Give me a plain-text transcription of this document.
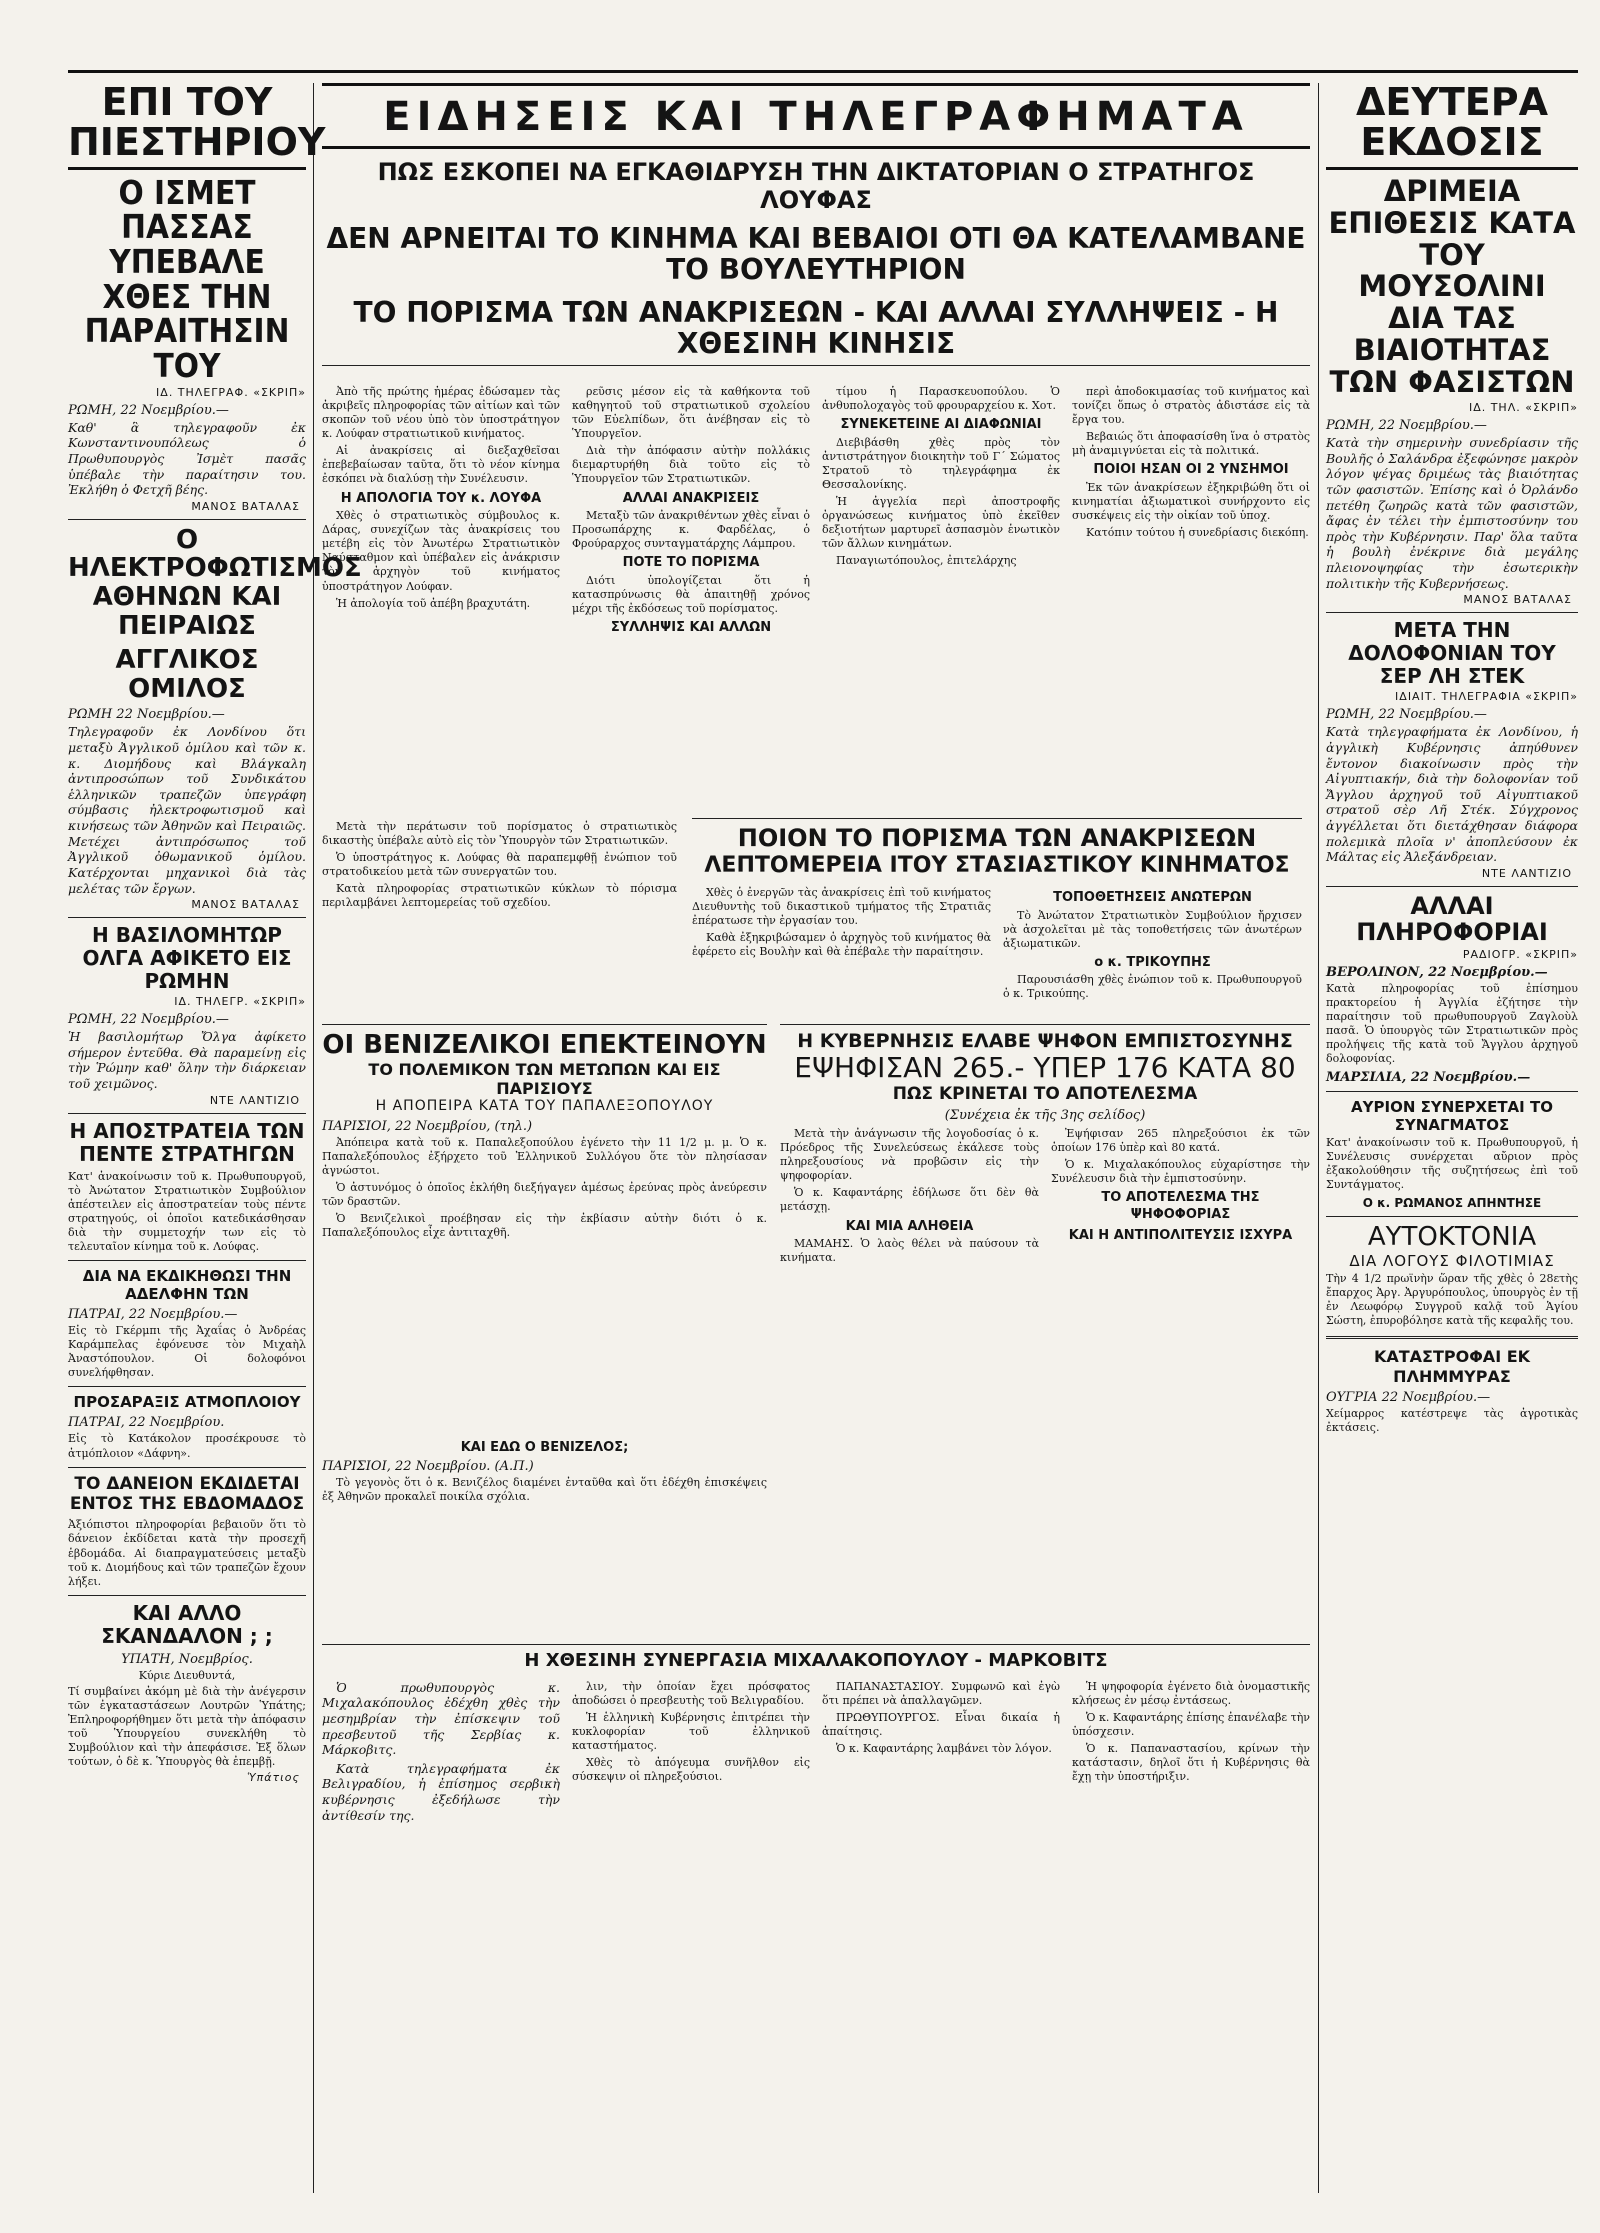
ΕΠΙ ΤΟΥ ΠΙΕΣΤΗΡΙΟΥ
Ο ΙΣΜΕΤ ΠΑΣΣΑΣ ΥΠΕΒΑΛΕ ΧΘΕΣ ΤΗΝ ΠΑΡΑΙΤΗΣΙΝ ΤΟΥ
ΙΔ. ΤΗΛΕΓΡΑΦ. «ΣΚΡΙΠ»
ΡΩΜΗ, 22 Νοεμβρίου.—
Καθ' ἃ τηλεγραφοῦν ἐκ Κωνσταντινουπόλεως ὁ Πρωθυπουργὸς Ἰσμὲτ πασᾶς ὑπέβαλε τὴν παραίτησιν του. Ἐκλήθη ὁ Φετχῆ βέης.
ΜΑΝΟΣ ΒΑΤΑΛΑΣ
Ο ΗΛΕΚΤΡΟΦΩΤΙΣΜΟΣ ΑΘΗΝΩΝ ΚΑΙ ΠΕΙΡΑΙΩΣ
ΑΓΓΛΙΚΟΣ ΟΜΙΛΟΣ
ΡΩΜΗ 22 Νοεμβρίου.—
Τηλεγραφοῦν ἐκ Λονδίνου ὅτι μεταξὺ Ἀγγλικοῦ ὁμίλου καὶ τῶν κ. κ. Διομήδους καὶ Βλάγκαλη ἀντιπροσώπων τοῦ Συνδικάτου ἑλληνικῶν τραπεζῶν ὑπεγράφη σύμβασις ἠλεκτροφωτισμοῦ καὶ κινήσεως τῶν Ἀθηνῶν καὶ Πειραιῶς. Μετέχει ἀντιπρόσωπος τοῦ Ἀγγλικοῦ ὀθωμανικοῦ ὁμίλου. Κατέρχονται μηχανικοὶ διὰ τὰς μελέτας τῶν ἔργων.
ΜΑΝΟΣ ΒΑΤΑΛΑΣ
Η ΒΑΣΙΛΟΜΗΤΩΡ ΟΛΓΑ ΑΦΙΚΕΤΟ ΕΙΣ ΡΩΜΗΝ
ΙΔ. ΤΗΛΕΓΡ. «ΣΚΡΙΠ»
ΡΩΜΗ, 22 Νοεμβρίου.—
Ἡ βασιλομήτωρ Ὄλγα ἀφίκετο σήμερον ἐντεῦθα. Θὰ παραμείνῃ εἰς τὴν Ῥώμην καθ' ὅλην τὴν διάρκειαν τοῦ χειμῶνος.
ΝΤΕ ΛΑΝΤΙΖΙΟ
Η ΑΠΟΣΤΡΑΤΕΙΑ ΤΩΝ ΠΕΝΤΕ ΣΤΡΑΤΗΓΩΝ
Κατ' ἀνακοίνωσιν τοῦ κ. Πρωθυπουργοῦ, τὸ Ἀνώτατον Στρατιωτικὸν Συμβούλιον ἀπέστειλεν εἰς ἀποστρατείαν τοὺς πέντε στρατηγούς, οἱ ὁποῖοι κατεδικάσθησαν διὰ τὴν συμμετοχήν των εἰς τὸ τελευταῖον κίνημα τοῦ κ. Λούφας.
ΔΙΑ ΝΑ ΕΚΔΙΚΗΘΩΣΙ ΤΗΝ ΑΔΕΛΦΗΝ ΤΩΝ
ΠΑΤΡΑΙ, 22 Νοεμβρίου.—
Εἰς τὸ Γκέρμπι τῆς Ἀχαΐας ὁ Ἀνδρέας Καράμπελας ἐφόνευσε τὸν Μιχαὴλ Ἀναστόπουλον. Οἱ δολοφόνοι συνελήφθησαν.
ΠΡΟΣΑΡΑΞΙΣ ΑΤΜΟΠΛΟΙΟΥ
ΠΑΤΡΑΙ, 22 Νοεμβρίου.
Εἰς τὸ Κατάκολον προσέκρουσε τὸ ἀτμόπλοιον «Δάφνη».
ΤΟ ΔΑΝΕΙΟΝ ΕΚΔΙΔΕΤΑΙ ΕΝΤΟΣ ΤΗΣ ΕΒΔΟΜΑΔΟΣ
Ἀξιόπιστοι πληροφορίαι βεβαιοῦν ὅτι τὸ δάνειον ἐκδίδεται κατὰ τὴν προσεχῆ ἑβδομάδα. Αἱ διαπραγματεύσεις μεταξὺ τοῦ κ. Διομήδους καὶ τῶν τραπεζῶν ἔχουν λήξει.
ΚΑΙ ΑΛΛΟ ΣΚΑΝΔΑΛΟΝ ; ;
ΥΠΑΤΗ, Νοεμβρίος.
Κύριε Διευθυντά,
Τί συμβαίνει ἀκόμη μὲ διὰ τὴν ἀνέγερσιν τῶν ἐγκαταστάσεων Λουτρῶν Ὑπάτης; Ἐπληροφορήθημεν ὅτι μετὰ τὴν ἀπόφασιν τοῦ Ὑπουργείου συνεκλήθη τὸ Συμβούλιον καὶ τὴν ἀπεφάσισε. Ἐξ ὅλων τούτων, ὁ δὲ κ. Ὑπουργὸς θὰ ἐπεμβῇ.
Ὑπάτιος
ΕΙΔΗΣΕΙΣ ΚΑΙ ΤΗΛΕΓΡΑΦΗΜΑΤΑ
ΠΩΣ ΕΣΚΟΠΕΙ ΝΑ ΕΓΚΑΘΙΔΡΥΣΗ ΤΗΝ ΔΙΚΤΑΤΟΡΙΑΝ Ο ΣΤΡΑΤΗΓΟΣ ΛΟΥΦΑΣ
ΔΕΝ ΑΡΝΕΙΤΑΙ ΤΟ ΚΙΝΗΜΑ ΚΑΙ ΒΕΒΑΙΟΙ ΟΤΙ ΘΑ ΚΑΤΕΛΑΜΒΑΝΕ ΤΟ ΒΟΥΛΕΥΤΗΡΙΟΝ
ΤΟ ΠΟΡΙΣΜΑ ΤΩΝ ΑΝΑΚΡΙΣΕΩΝ - ΚΑΙ ΑΛΛΑΙ ΣΥΛΛΗΨΕΙΣ - Η ΧΘΕΣΙΝΗ ΚΙΝΗΣΙΣ

Ἀπὸ τῆς πρώτης ἡμέρας ἐδώσαμεν τὰς ἀκριβεῖς πληροφορίας τῶν αἰτίων καὶ τῶν σκοπῶν τοῦ νέου ὑπὸ τὸν ὑποστράτηγον κ. Λούφαν στρατιωτικοῦ κινήματος.

Αἱ ἀνακρίσεις αἱ διεξαχθεῖσαι ἐπεβεβαίωσαν ταῦτα, ὅτι τὸ νέον κίνημα ἐσκόπει νὰ διαλύσῃ τὴν Συνέλευσιν.

Η ΑΠΟΛΟΓΙΑ ΤΟΥ κ. ΛΟΥΦΑ

Χθὲς ὁ στρατιωτικὸς σύμβουλος κ. Δάρας, συνεχίζων τὰς ἀνακρίσεις του μετέβη εἰς τὸν Ἀνωτέρω Στρατιωτικὸν Ναύσταθμον καὶ ὑπέβαλεν εἰς ἀνάκρισιν τὸν ἀρχηγὸν τοῦ κινήματος ὑποστράτηγον Λούφαν.

Ἡ ἀπολογία τοῦ ἀπέβη βραχυτάτη.

ρεῦσις μέσον εἰς τὰ καθήκοντα τοῦ καθηγητοῦ τοῦ στρατιωτικοῦ σχολείου τῶν Εὐελπίδων, ὅτι ἀνέβησαν εἰς τὸ Ὑπουργεῖον.

Διὰ τὴν ἀπόφασιν αὐτὴν πολλάκις διεμαρτυρήθη διὰ τοῦτο εἰς τὸ Ὑπουργεῖον τῶν Στρατιωτικῶν.

ΑΛΛΑΙ ΑΝΑΚΡΙΣΕΙΣ

Μεταξὺ τῶν ἀνακριθέντων χθὲς εἶναι ὁ Προσωπάρχης κ. Φαρδέλας, ὁ Φρούραρχος συνταγματάρχης Λάμπρου.

ΠΟΤΕ ΤΟ ΠΟΡΙΣΜΑ

Διότι ὑπολογίζεται ὅτι ἡ κατασπρύνωσις θὰ ἀπαιτηθῇ χρόνος μέχρι τῆς ἐκδόσεως τοῦ πορίσματος.

ΣΥΛΛΗΨΙΣ ΚΑΙ ΑΛΛΩΝ

τίμου ἡ Παρασκευοπούλου. Ὁ ἀνθυπολοχαγὸς τοῦ φρουραρχείου κ. Χοτ.

ΣΥΝΕΚΕΤΕΙΝΕ ΑΙ ΔΙΑΦΩΝΙΑΙ

Διεβιβάσθη χθὲς πρὸς τὸν ἀντιστράτηγον διοικητὴν τοῦ Γ΄ Σώματος Στρατοῦ τὸ τηλεγράφημα ἐκ Θεσσαλονίκης.

Ἡ ἀγγελία περὶ ἀποστροφῆς ὀργανώσεως κινήματος ὑπὸ ἐκεῖθεν δεξιοτήτων μαρτυρεῖ ἀσπασμὸν ἑνωτικὸν τῶν ἄλλων κινημάτων.

Παναγιωτόπουλος, ἐπιτελάρχης

περὶ ἀποδοκιμασίας τοῦ κινήματος καὶ τονίζει ὅπως ὁ στρατὸς ἀδιστάσε εἰς τὰ ἔργα του.

Βεβαιώς ὅτι ἀποφασίσθη ἵνα ὁ στρατὸς μὴ ἀναμιγνύεται εἰς τὰ πολιτικά.

ΠΟΙΟΙ ΗΣΑΝ ΟΙ 2 ΥΝΣΗΜΟΙ

Ἐκ τῶν ἀνακρίσεων ἐξηκριβώθη ὅτι οἱ κινηματίαι ἀξιωματικοὶ συνήρχοντο εἰς συσκέψεις εἰς τὴν οἰκίαν τοῦ ὑποχ.

Κατόπιν τούτου ἡ συνεδρίασις διεκόπη.

ΠΟΙΟΝ ΤΟ ΠΟΡΙΣΜΑ ΤΩΝ ΑΝΑΚΡΙΣΕΩΝ
ΛΕΠΤΟΜΕΡΕΙΑ ΙΤΟΥ ΣΤΑΣΙΑΣΤΙΚΟΥ ΚΙΝΗΜΑΤΟΣ

Χθὲς ὁ ἐνεργῶν τὰς ἀνακρίσεις ἐπὶ τοῦ κινήματος Διευθυντὴς τοῦ δικαστικοῦ τμήματος τῆς Στρατιᾶς ἐπέρατωσε τὴν ἐργασίαν του.

Καθὰ ἐξηκριβώσαμεν ὁ ἀρχηγὸς τοῦ κινήματος θὰ ἐφέρετο εἰς Βουλὴν καὶ θὰ ἐπέβαλε τὴν παραίτησιν.

ΤΟΠΟΘΕΤΗΣΕΙΣ ΑΝΩΤΕΡΩΝ

Τὸ Ἀνώτατον Στρατιωτικὸν Συμβούλιον ἤρχισεν νὰ ἀσχολεῖται μὲ τὰς τοποθετήσεις τῶν ἀνωτέρων ἀξιωματικῶν.

ο κ. ΤΡΙΚΟΥΠΗΣ

Παρουσιάσθη χθὲς ἐνώπιον τοῦ κ. Πρωθυπουργοῦ ὁ κ. Τρικούπης.

Μετὰ τὴν περάτωσιν τοῦ πορίσματος ὁ στρατιωτικὸς δικαστὴς ὑπέβαλε αὐτὸ εἰς τὸν Ὑπουργὸν τῶν Στρατιωτικῶν.

Ὁ ὑποστράτηγος κ. Λούφας θὰ παραπεμφθῇ ἐνώπιον τοῦ στρατοδικείου μετὰ τῶν συνεργατῶν του.

Κατὰ πληροφορίας στρατιωτικῶν κύκλων τὸ πόρισμα περιλαμβάνει λεπτομερείας τοῦ σχεδίου.

ΟΙ ΒΕΝΙΖΕΛΙΚΟΙ ΕΠΕΚΤΕΙΝΟΥΝ
ΤΟ ΠΟΛΕΜΙΚΟΝ ΤΩΝ ΜΕΤΩΠΩΝ ΚΑΙ ΕΙΣ ΠΑΡΙΣΙΟΥΣ
Η ΑΠΟΠΕΙΡΑ ΚΑΤΑ ΤΟΥ ΠΑΠΑΛΕΞΟΠΟΥΛΟΥ
ΠΑΡΙΣΙΟΙ, 22 Νοεμβρίου, (τηλ.)

Ἀπόπειρα κατὰ τοῦ κ. Παπαλεξοπούλου ἐγένετο τὴν 11 1/2 μ. μ. Ὁ κ. Παπαλεξόπουλος ἐξήρχετο τοῦ Ἑλληνικοῦ Συλλόγου ὅτε τὸν πλησίασαν ἀγνώστοι.

Ὁ ἀστυνόμος ὁ ὁποῖος ἐκλήθη διεξήγαγεν ἀμέσως ἐρεύνας πρὸς ἀνεύρεσιν τῶν δραστῶν.

Ὁ Βενιζελικοὶ προέβησαν εἰς τὴν ἐκβίασιν αὐτὴν διότι ὁ κ. Παπαλεξόπουλος εἶχε ἀντιταχθῆ.

ΚΑΙ ΕΔΩ Ο ΒΕΝΙΖΕΛΟΣ;
ΠΑΡΙΣΙΟΙ, 22 Νοεμβρίου. (Α.Π.)

Τὸ γεγονὸς ὅτι ὁ κ. Βενιζέλος διαμένει ἐνταῦθα καὶ ὅτι ἐδέχθη ἐπισκέψεις ἐξ Ἀθηνῶν προκαλεῖ ποικίλα σχόλια.

Η ΚΥΒΕΡΝΗΣΙΣ ΕΛΑΒΕ ΨΗΦΟΝ ΕΜΠΙΣΤΟΣΥΝΗΣ
ΕΨΗΦΙΣΑΝ 265.- ΥΠΕΡ 176 ΚΑΤΑ 80
ΠΩΣ ΚΡΙΝΕΤΑΙ ΤΟ ΑΠΟΤΕΛΕΣΜΑ
(Συνέχεια ἐκ τῆς 3ης σελίδος)

Μετὰ τὴν ἀνάγνωσιν τῆς λογοδοσίας ὁ κ. Πρόεδρος τῆς Συνελεύσεως ἐκάλεσε τοὺς πληρεξουσίους νὰ προβῶσιν εἰς τὴν ψηφοφορίαν.

Ὁ κ. Καφαντάρης ἐδήλωσε ὅτι δὲν θὰ μετάσχῃ.

ΚΑΙ ΜΙΑ ΑΛΗΘΕΙΑ

ΜΑΜΑΗΣ. Ὁ λαὸς θέλει νὰ παύσουν τὰ κινήματα.

Ἐψήφισαν 265 πληρεξούσιοι ἐκ τῶν ὁποίων 176 ὑπὲρ καὶ 80 κατά.

Ὁ κ. Μιχαλακόπουλος εὐχαρίστησε τὴν Συνέλευσιν διὰ τὴν ἐμπιστοσύνην.

ΤΟ ΑΠΟΤΕΛΕΣΜΑ ΤΗΣ ΨΗΦΟΦΟΡΙΑΣ
ΚΑΙ Η ΑΝΤΙΠΟΛΙΤΕΥΣΙΣ ΙΣΧΥΡΑ
Η ΧΘΕΣΙΝΗ ΣΥΝΕΡΓΑΣΙΑ ΜΙΧΑΛΑΚΟΠΟΥΛΟΥ - ΜΑΡΚΟΒΙΤΣ

Ὁ πρωθυπουργὸς κ. Μιχαλακόπουλος ἐδέχθη χθὲς τὴν μεσημβρίαν τὴν ἐπίσκεψιν τοῦ πρεσβευτοῦ τῆς Σερβίας κ. Μάρκοβιτς.

Κατὰ τηλεγραφήματα ἐκ Βελιγραδίου, ἡ ἐπίσημος σερβικὴ κυβέρνησις ἐξεδήλωσε τὴν ἀντίθεσίν της.

λιν, τὴν ὁποίαν ἔχει πρόσφατος ἀποδώσει ὁ πρεσβευτὴς τοῦ Βελιγραδίου.

Ἡ ἑλληνικὴ Κυβέρνησις ἐπιτρέπει τὴν κυκλοφορίαν τοῦ ἐλληνικοῦ καταστήματος.

Χθὲς τὸ ἀπόγευμα συνῆλθον εἰς σύσκεψιν οἱ πληρεξούσιοι.

ΠΑΠΑΝΑΣΤΑΣΙΟΥ. Συμφωνῶ καὶ ἐγὼ ὅτι πρέπει νὰ ἀπαλλαγῶμεν.

ΠΡΩΘΥΠΟΥΡΓΟΣ. Εἶναι δικαία ἡ ἀπαίτησις.

Ὁ κ. Καφαντάρης λαμβάνει τὸν λόγον.

Ἡ ψηφοφορία ἐγένετο διὰ ὀνομαστικῆς κλήσεως ἐν μέσῳ ἐντάσεως.

Ὁ κ. Καφαντάρης ἐπίσης ἐπανέλαβε τὴν ὑπόσχεσιν.

Ὁ κ. Παπαναστασίου, κρίνων τὴν κατάστασιν, δηλοῖ ὅτι ἡ Κυβέρνησις θὰ ἔχῃ τὴν ὑποστήριξιν.

ΔΕΥΤΕΡΑ ΕΚΔΟΣΙΣ
ΔΡΙΜΕΙΑ ΕΠΙΘΕΣΙΣ ΚΑΤΑ ΤΟΥ ΜΟΥΣΟΛΙΝΙ ΔΙΑ ΤΑΣ ΒΙΑΙΟΤΗΤΑΣ ΤΩΝ ΦΑΣΙΣΤΩΝ
ΙΔ. ΤΗΛ. «ΣΚΡΙΠ»
ΡΩΜΗ, 22 Νοεμβρίου.—
Κατὰ τὴν σημερινὴν συνεδρίασιν τῆς Βουλῆς ὁ Σαλάνδρα ἐξεφώνησε μακρὸν λόγον ψέγας δριμέως τὰς βιαιότητας τῶν φασιστῶν. Ἐπίσης καὶ ὁ Ὀρλάνδο πετέθη ζωηρῶς κατὰ τῶν φασιστῶν, ἄφας ἐν τέλει τὴν ἐμπιστοσύνην του πρὸς τὴν Κυβέρνησιν. Παρ' ὅλα ταῦτα ἡ βουλὴ ἐνέκρινε διὰ μεγάλης πλειονοψηφίας τὴν ἐσωτερικὴν πολιτικὴν τῆς Κυβερνήσεως.
ΜΑΝΟΣ ΒΑΤΑΛΑΣ
ΜΕΤΑ ΤΗΝ ΔΟΛΟΦΟΝΙΑΝ ΤΟΥ ΣΕΡ ΛΗ ΣΤΕΚ
ΙΔΙΑΙΤ. ΤΗΛΕΓΡΑΦΙΑ «ΣΚΡΙΠ»
ΡΩΜΗ, 22 Νοεμβρίου.—
Κατὰ τηλεγραφήματα ἐκ Λονδίνου, ἡ ἀγγλικὴ Κυβέρνησις ἀπηύθυνεν ἔντονον διακοίνωσιν πρὸς τὴν Αἰγυπτιακήν, διὰ τὴν δολοφονίαν τοῦ Ἄγγλου ἀρχηγοῦ τοῦ Αἰγυπτιακοῦ στρατοῦ σὲρ Λῆ Στέκ. Σύγχρονος ἀγγέλλεται ὅτι διετάχθησαν διάφορα πολεμικὰ πλοῖα ν' ἀποπλεύσουν ἐκ Μάλτας εἰς Ἀλεξάνδρειαν.
ΝΤΕ ΛΑΝΤΙΖΙΟ
ΑΛΛΑΙ ΠΛΗΡΟΦΟΡΙΑΙ
ΡΑΔΙΟΓΡ. «ΣΚΡΙΠ»
ΒΕΡΟΛΙΝΟΝ, 22 Νοεμβρίου.—
Κατὰ πληροφορίας τοῦ ἐπίσημου πρακτορείου ἡ Ἀγγλία ἐζήτησε τὴν παραίτησιν τοῦ πρωθυπουργοῦ Ζαγλοὺλ πασᾶ. Ὁ ὑπουργὸς τῶν Στρατιωτικῶν πρὸς προλήψεις τῆς κατὰ τοῦ Ἄγγλου ἀρχηγοῦ δολοφονίας.
ΜΑΡΣΙΛΙΑ, 22 Νοεμβρίου.—
ΑΥΡΙΟΝ ΣΥΝΕΡΧΕΤΑΙ ΤΟ ΣΥΝΑΓΜΑΤΟΣ
Κατ' ἀνακοίνωσιν τοῦ κ. Πρωθυπουργοῦ, ἡ Συνέλευσις συνέρχεται αὔριον πρὸς ἐξακολούθησιν τῆς συζητήσεως ἐπὶ τοῦ Συντάγματος.
Ο κ. ΡΩΜΑΝΟΣ ΑΠΗΝΤΗΣΕ
ΑΥΤΟΚΤΟΝΙΑ
ΔΙΑ ΛΟΓΟΥΣ ΦΙΛΟΤΙΜΙΑΣ
Τὴν 4 1/2 πρωϊνὴν ὥραν τῆς χθὲς ὁ 28ετὴς ἔπαρχος Ἀργ. Ἀργυρόπουλος, ὑπουργὸς ἐν τῇ ἐν Λεωφόρῳ Συγγροῦ καλᾷ τοῦ Ἁγίου Σώστη, ἐπυροβόλησε κατὰ τῆς κεφαλῆς του.
ΚΑΤΑΣΤΡΟΦΑΙ ΕΚ ΠΛΗΜΜΥΡΑΣ
ΟΥΓΡΙΑ 22 Νοεμβρίου.—
Χείμαρρος κατέστρεψε τὰς ἀγροτικὰς ἐκτάσεις.
